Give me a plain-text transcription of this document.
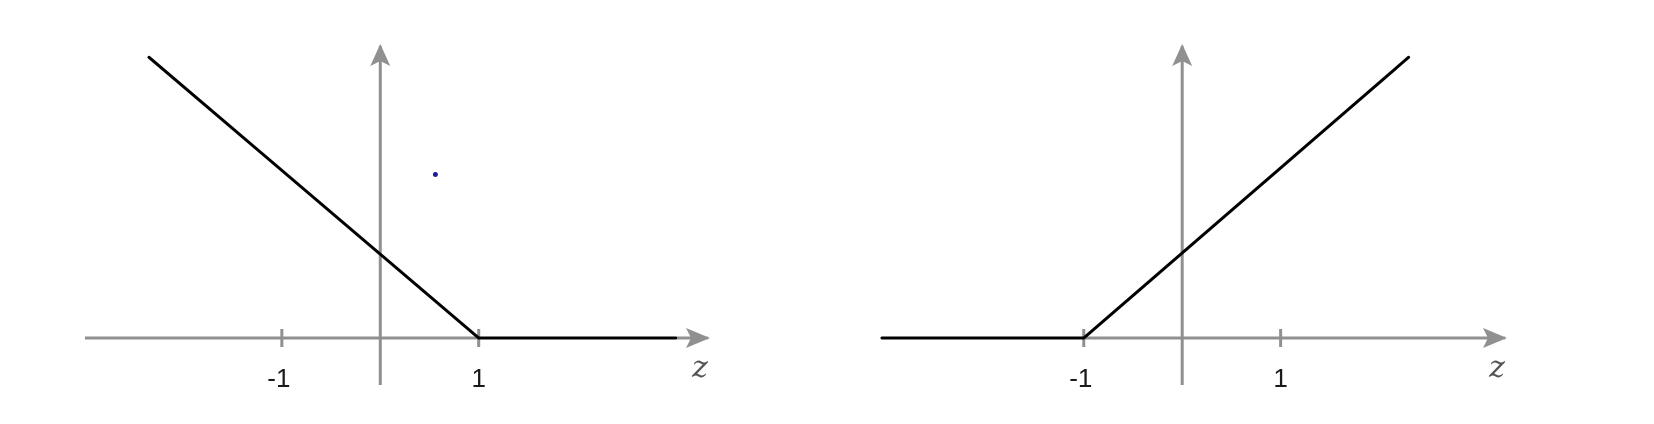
-1	1	z	-1	1	z
